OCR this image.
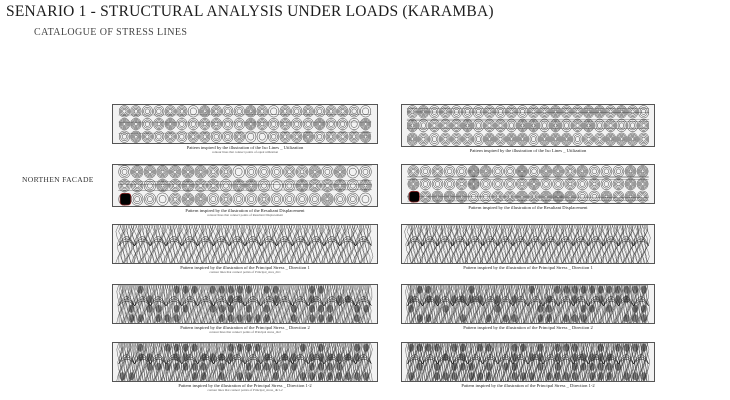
SENARIO 1 - STRUCTURAL ANALYSIS UNDER LOADS (KARAMBA)
CATALOGUE OF STRESS LINES
NORTHEN FACADE
Pattern inspired by the illustration of the Iso Lines _ Utilization
contour lines that connect points of equal utilization
Pattern inspired by the illustration of the Resultant Displacement
contour lines that connect points of Resultant Displacement
Pattern inspired by the illustration of the Principal Stress _ Direction 1
contour lines that connect points of Principal_stres_dir1
Pattern inspired by the illustration of the Principal Stress _ Direction 2
contour lines that connect points of Principal stress_dir2
Pattern inspired by the illustration of the Principal Stress _ Direction 1-2
contour lines that connect points of Principal_stress_dir1-2
Pattern inspired by the illustration of the Iso Lines _ Utilization
Pattern inspired by the illustration of the Resultant Displacement
Pattern inspired by the illustration of the Principal Stress _ Direction 1
Pattern inspired by the illustration of the Principal Stress _ Direction 2
Pattern inspired by the illustration of the Principal Stress _ Direction 1-2
